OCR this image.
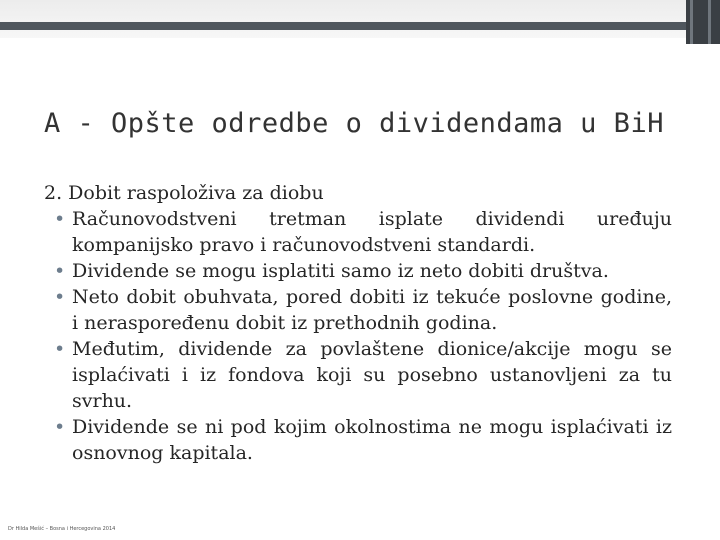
A - Opšte odredbe o dividendama u BiH

2. Dobit raspoloživa za diobu

• Računovodstveni tretman isplate dividendi uređuju kompanijsko pravo i računovodstveni standardi.
• Dividende se mogu isplatiti samo iz neto dobiti društva.
• Neto dobit obuhvata, pored dobiti iz tekuće poslovne godine, i neraspoređenu dobit iz prethodnih godina.
• Međutim, dividende za povlaštene dionice/akcije mogu se isplaćivati i iz fondova koji su posebno ustanovljeni za tu svrhu.
• Dividende se ni pod kojim okolnostima ne mogu isplaćivati iz osnovnog kapitala.
Dr Hilda Mešić – Bosna i Hercegovina 2014
